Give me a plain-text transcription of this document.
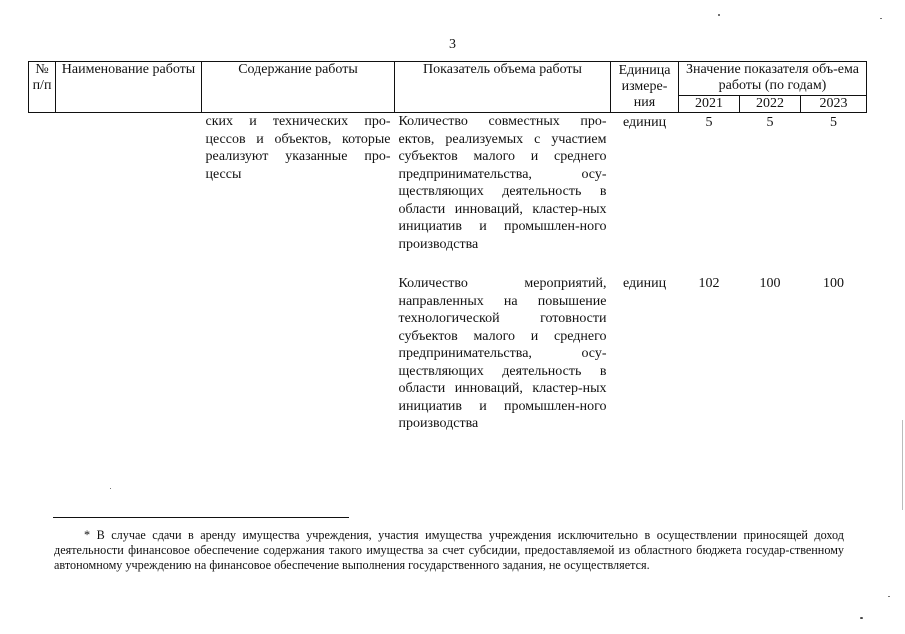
3
№ п/п	Наименование работы	Содержание работы	Показатель объема работы	Единица измере-ния	Значение показателя объ-ема работы (по годам)		
					2021	2022	2023
		ских и технических про-цессов и объектов, которые реализуют указанные про-цессы	Количество совместных про-ектов, реализуемых с участием субъектов малого и среднего предпринимательства, осу-ществляющих деятельность в области инноваций, кластер-ных инициатив и промышлен-ного производства	единиц	5	5	5

			Количество мероприятий, направленных на повышение технологической готовности субъектов малого и среднего предпринимательства, осу-ществляющих деятельность в области инноваций, кластер-ных инициатив и промышлен-ного производства	единиц	102	100	100
* В случае сдачи в аренду имущества учреждения, участия имущества учреждения исключительно в осуществлении приносящей доход деятельности финансовое обеспечение содержания такого имущества за счет субсидии, предоставляемой из областного бюджета государ-ственному автономному учреждению на финансовое обеспечение выполнения государственного задания, не осуществляется.
